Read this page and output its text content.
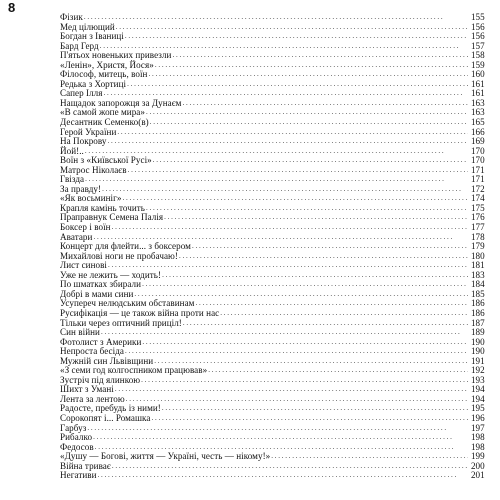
8
Фізик . . .	155
Мед цілющий . . .	156
Богдан з Іваниці . . .	156
Бард Герд . . .	157
П'ятьох новеньких привезли . . .	158
«Ленін», Христя, Йося» . . .	159
Філософ, митець, воїн . . .	160
Редька з Хортиці . . .	161
Сапер Ілля . . .	161
Нащадок запорожця за Дунаєм . . .	163
«В самой жопе мира» . . .	163
Десантник Семенко(в) . . .	165
Герой України . . .	166
На Покрову . . .	169
Йой!.. . . .	170
Воїн з «Київської Русі» . . .	170
Матрос Ніколаєв . . .	171
Гвізда . . .	171
За правду! . . .	172
«Як восьминіг» . . .	174
Крапля камінь точить . . .	175
Праправнук Семена Палія . . .	176
Боксер і воїн . . .	177
Аватари . . .	178
Концерт для флейти... з боксером . . .	179
Михайлові ноги не пробачаю! . . .	180
Лист синові . . .	181
Уже не лежить — ходить! . . .	183
По шматках збирали . . .	184
Добрі в мами сини . . .	185
Усупереч нелюдським обставинам . . .	186
Русифікація — це також війна проти нас . . .	186
Тільки через оптичний приціл! . . .	187
Син війни . . .	189
Фотолист з Америки . . .	190
Непроста бесіда . . .	190
Мужній син Львівщини . . .	191
«З семи год колгоспником працював» . . .	192
Зустріч під ялинкою . . .	193
Шихт з Умані . . .	194
Лента за лентою . . .	194
Радосте, пребудь із ними! . . .	195
Сорокопят і... Ромашка . . .	196
Гарбуз . . .	197
Рибалко . . .	198
Федосов . . .	198
«Душу — Богові, життя — Україні, честь — нікому!» . . .	199
Війна триває . . .	200
Негативи . . .	201
